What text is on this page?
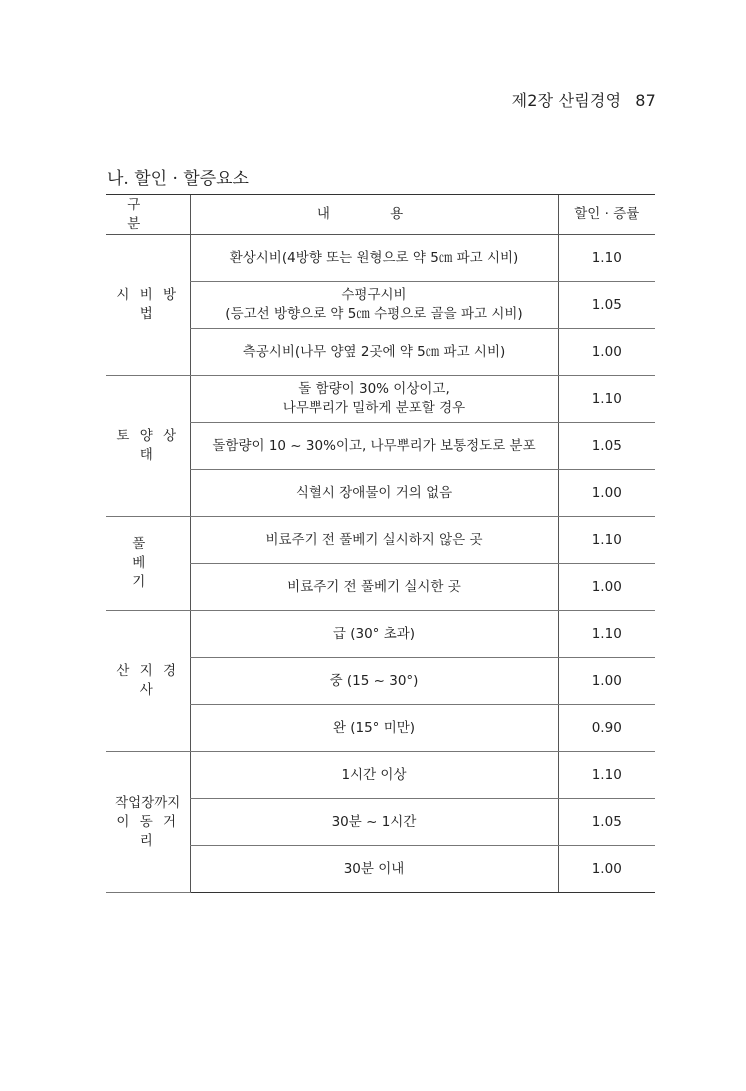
제2장 산림경영 87
나. 할인 · 할증요소
구 분	내 용	할인 · 증률
시 비 방 법	환상시비(4방향 또는 원형으로 약 5㎝ 파고 시비)	1.10

	수평구시비
(등고선 방향으로 약 5㎝ 수평으로 골을 파고 시비)	1.05
	측공시비(나무 양옆 2곳에 약 5㎝ 파고 시비)	1.00
토 양 상 태	돌 함량이 30% 이상이고,
나무뿌리가 밀하게 분포할 경우	1.10
	돌함량이 10 ~ 30%이고, 나무뿌리가 보통정도로 분포	1.05
	식혈시 장애물이 거의 없음	1.00
풀 베 기	비료주기 전 풀베기 실시하지 않은 곳	1.10
	비료주기 전 풀베기 실시한 곳	1.00
산 지 경 사	급 (30° 초과)	1.10
	중 (15 ~ 30°)	1.00
	완 (15° 미만)	0.90

작업장까지
이 동 거 리	1시간 이상	1.10
	30분 ~ 1시간	1.05
	30분 이내	1.00
